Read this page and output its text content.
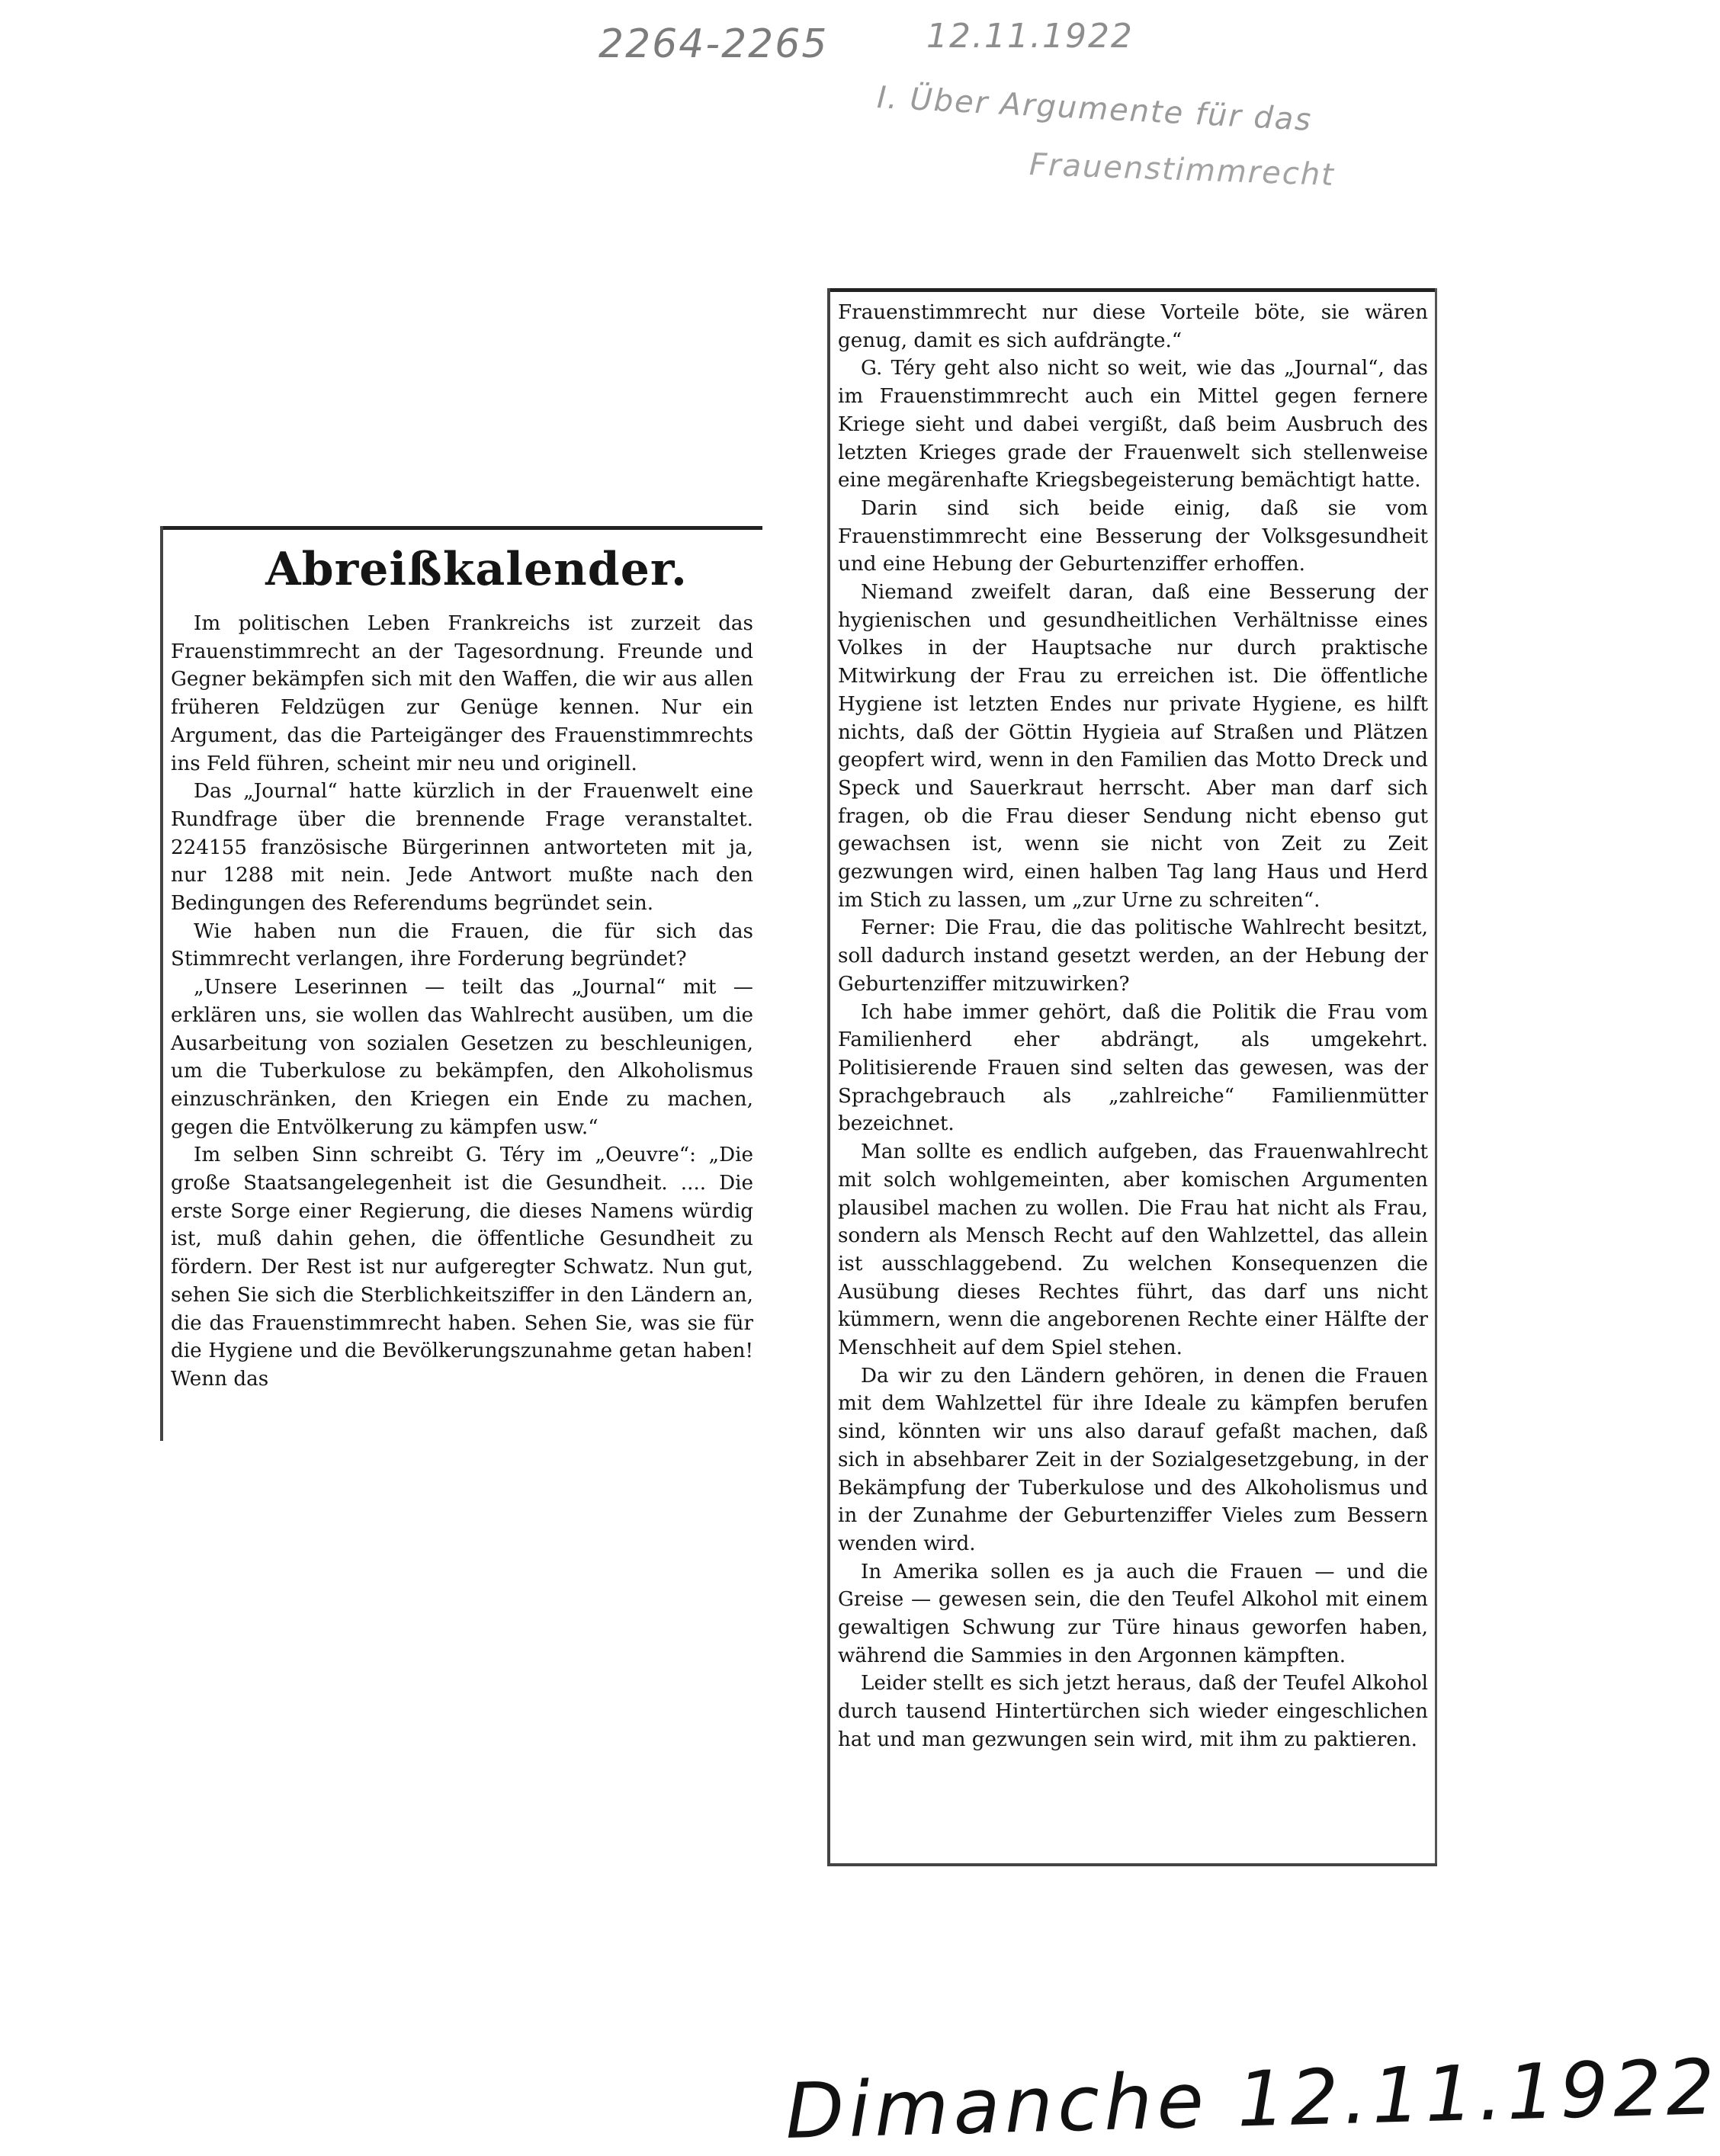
2264-2265	12.11.1922
I. Über Argumente für das
Frauenstimmrecht
Abreißkalender.

Im politischen Leben Frankreichs ist zurzeit das Frauenstimmrecht an der Tagesordnung. Freunde und Gegner bekämpfen sich mit den Waffen, die wir aus allen früheren Feldzügen zur Genüge kennen. Nur ein Argument, das die Parteigänger des Frauenstimmrechts ins Feld führen, scheint mir neu und originell.

Das „Journal“ hatte kürzlich in der Frauenwelt eine Rundfrage über die brennende Frage veranstaltet. 224155 französische Bürgerinnen antworteten mit ja, nur 1288 mit nein. Jede Antwort mußte nach den Bedingungen des Referendums begründet sein.

Wie haben nun die Frauen, die für sich das Stimmrecht verlangen, ihre Forderung begründet?

„Unsere Leserinnen — teilt das „Journal“ mit — erklären uns, sie wollen das Wahlrecht ausüben, um die Ausarbeitung von sozialen Gesetzen zu beschleunigen, um die Tuberkulose zu bekämpfen, den Alkoholismus einzuschränken, den Kriegen ein Ende zu machen, gegen die Entvölkerung zu kämpfen usw.“

Im selben Sinn schreibt G. Téry im „Oeuvre“: „Die große Staatsangelegenheit ist die Gesundheit. .... Die erste Sorge einer Regierung, die dieses Namens würdig ist, muß dahin gehen, die öffentliche Gesundheit zu fördern. Der Rest ist nur aufgeregter Schwatz. Nun gut, sehen Sie sich die Sterblichkeitsziffer in den Ländern an, die das Frauenstimmrecht haben. Sehen Sie, was sie für die Hygiene und die Bevölkerungszunahme getan haben! Wenn das

Frauenstimmrecht nur diese Vorteile böte, sie wären genug, damit es sich aufdrängte.“

G. Téry geht also nicht so weit, wie das „Journal“, das im Frauenstimmrecht auch ein Mittel gegen fernere Kriege sieht und dabei vergißt, daß beim Ausbruch des letzten Krieges grade der Frauenwelt sich stellenweise eine megärenhafte Kriegsbegeisterung bemächtigt hatte.

Darin sind sich beide einig, daß sie vom Frauenstimmrecht eine Besserung der Volksgesundheit und eine Hebung der Geburtenziffer erhoffen.

Niemand zweifelt daran, daß eine Besserung der hygienischen und gesundheitlichen Verhältnisse eines Volkes in der Hauptsache nur durch praktische Mitwirkung der Frau zu erreichen ist. Die öffentliche Hygiene ist letzten Endes nur private Hygiene, es hilft nichts, daß der Göttin Hygieia auf Straßen und Plätzen geopfert wird, wenn in den Familien das Motto Dreck und Speck und Sauerkraut herrscht. Aber man darf sich fragen, ob die Frau dieser Sendung nicht ebenso gut gewachsen ist, wenn sie nicht von Zeit zu Zeit gezwungen wird, einen halben Tag lang Haus und Herd im Stich zu lassen, um „zur Urne zu schreiten“.

Ferner: Die Frau, die das politische Wahlrecht besitzt, soll dadurch instand gesetzt werden, an der Hebung der Geburtenziffer mitzuwirken?

Ich habe immer gehört, daß die Politik die Frau vom Familienherd eher abdrängt, als umgekehrt. Politisierende Frauen sind selten das gewesen, was der Sprachgebrauch als „zahlreiche“ Familienmütter bezeichnet.

Man sollte es endlich aufgeben, das Frauenwahlrecht mit solch wohlgemeinten, aber komischen Argumenten plausibel machen zu wollen. Die Frau hat nicht als Frau, sondern als Mensch Recht auf den Wahlzettel, das allein ist ausschlaggebend. Zu welchen Konsequenzen die Ausübung dieses Rechtes führt, das darf uns nicht kümmern, wenn die angeborenen Rechte einer Hälfte der Menschheit auf dem Spiel stehen.

Da wir zu den Ländern gehören, in denen die Frauen mit dem Wahlzettel für ihre Ideale zu kämpfen berufen sind, könnten wir uns also darauf gefaßt machen, daß sich in absehbarer Zeit in der Sozialgesetzgebung, in der Bekämpfung der Tuberkulose und des Alkoholismus und in der Zunahme der Geburtenziffer Vieles zum Bessern wenden wird.

In Amerika sollen es ja auch die Frauen — und die Greise — gewesen sein, die den Teufel Alkohol mit einem gewaltigen Schwung zur Türe hinaus geworfen haben, während die Sammies in den Argonnen kämpften.

Leider stellt es sich jetzt heraus, daß der Teufel Alkohol durch tausend Hintertürchen sich wieder eingeschlichen hat und man gezwungen sein wird, mit ihm zu paktieren.

Dimanche 12.11.1922
